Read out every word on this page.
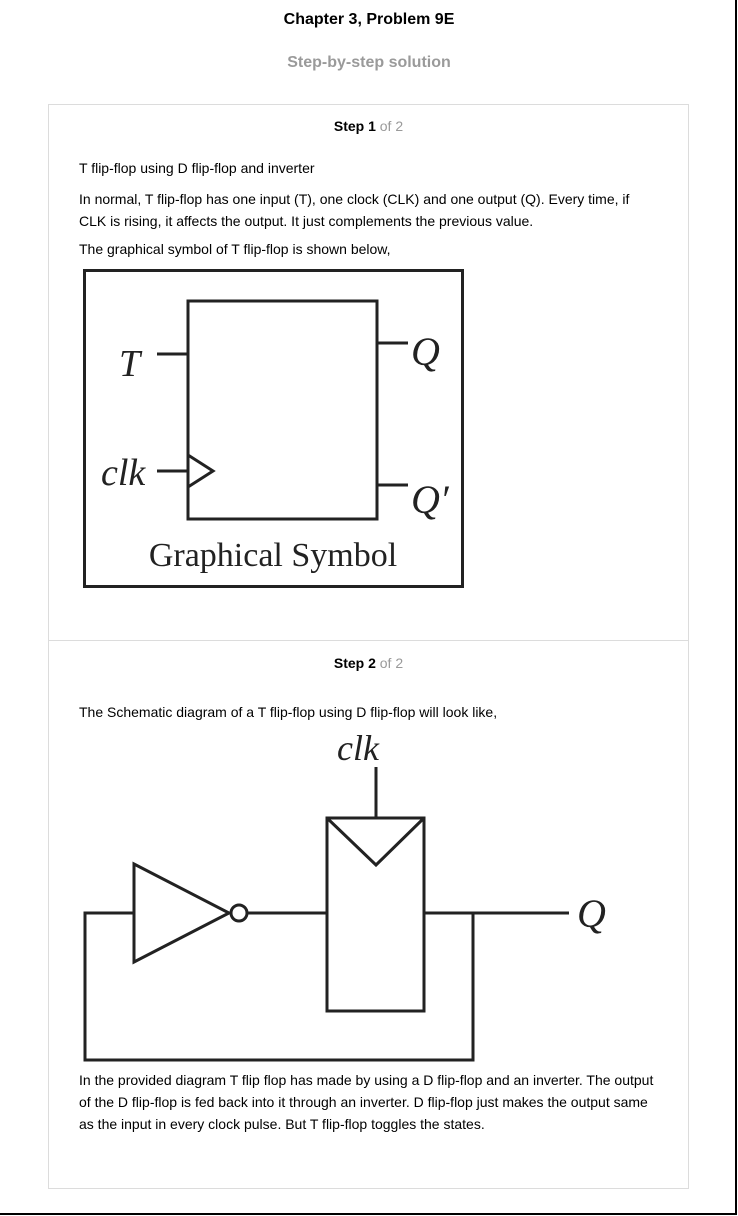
Chapter 3, Problem 9E
Step-by-step solution
Step 1 of 2
T flip-flop using D flip-flop and inverter
In normal, T flip-flop has one input (T), one clock (CLK) and one output (Q). Every time, if CLK is rising, it affects the output. It just complements the previous value.
The graphical symbol of T flip-flop is shown below,
T
clk
Q
Q′
Graphical Symbol
Step 2 of 2
The Schematic diagram of a T flip-flop using D flip-flop will look like,
clk
Q
In the provided diagram T flip flop has made by using a D flip-flop and an inverter. The output of the D flip-flop is fed back into it through an inverter. D flip-flop just makes the output same as the input in every clock pulse. But T flip-flop toggles the states.
